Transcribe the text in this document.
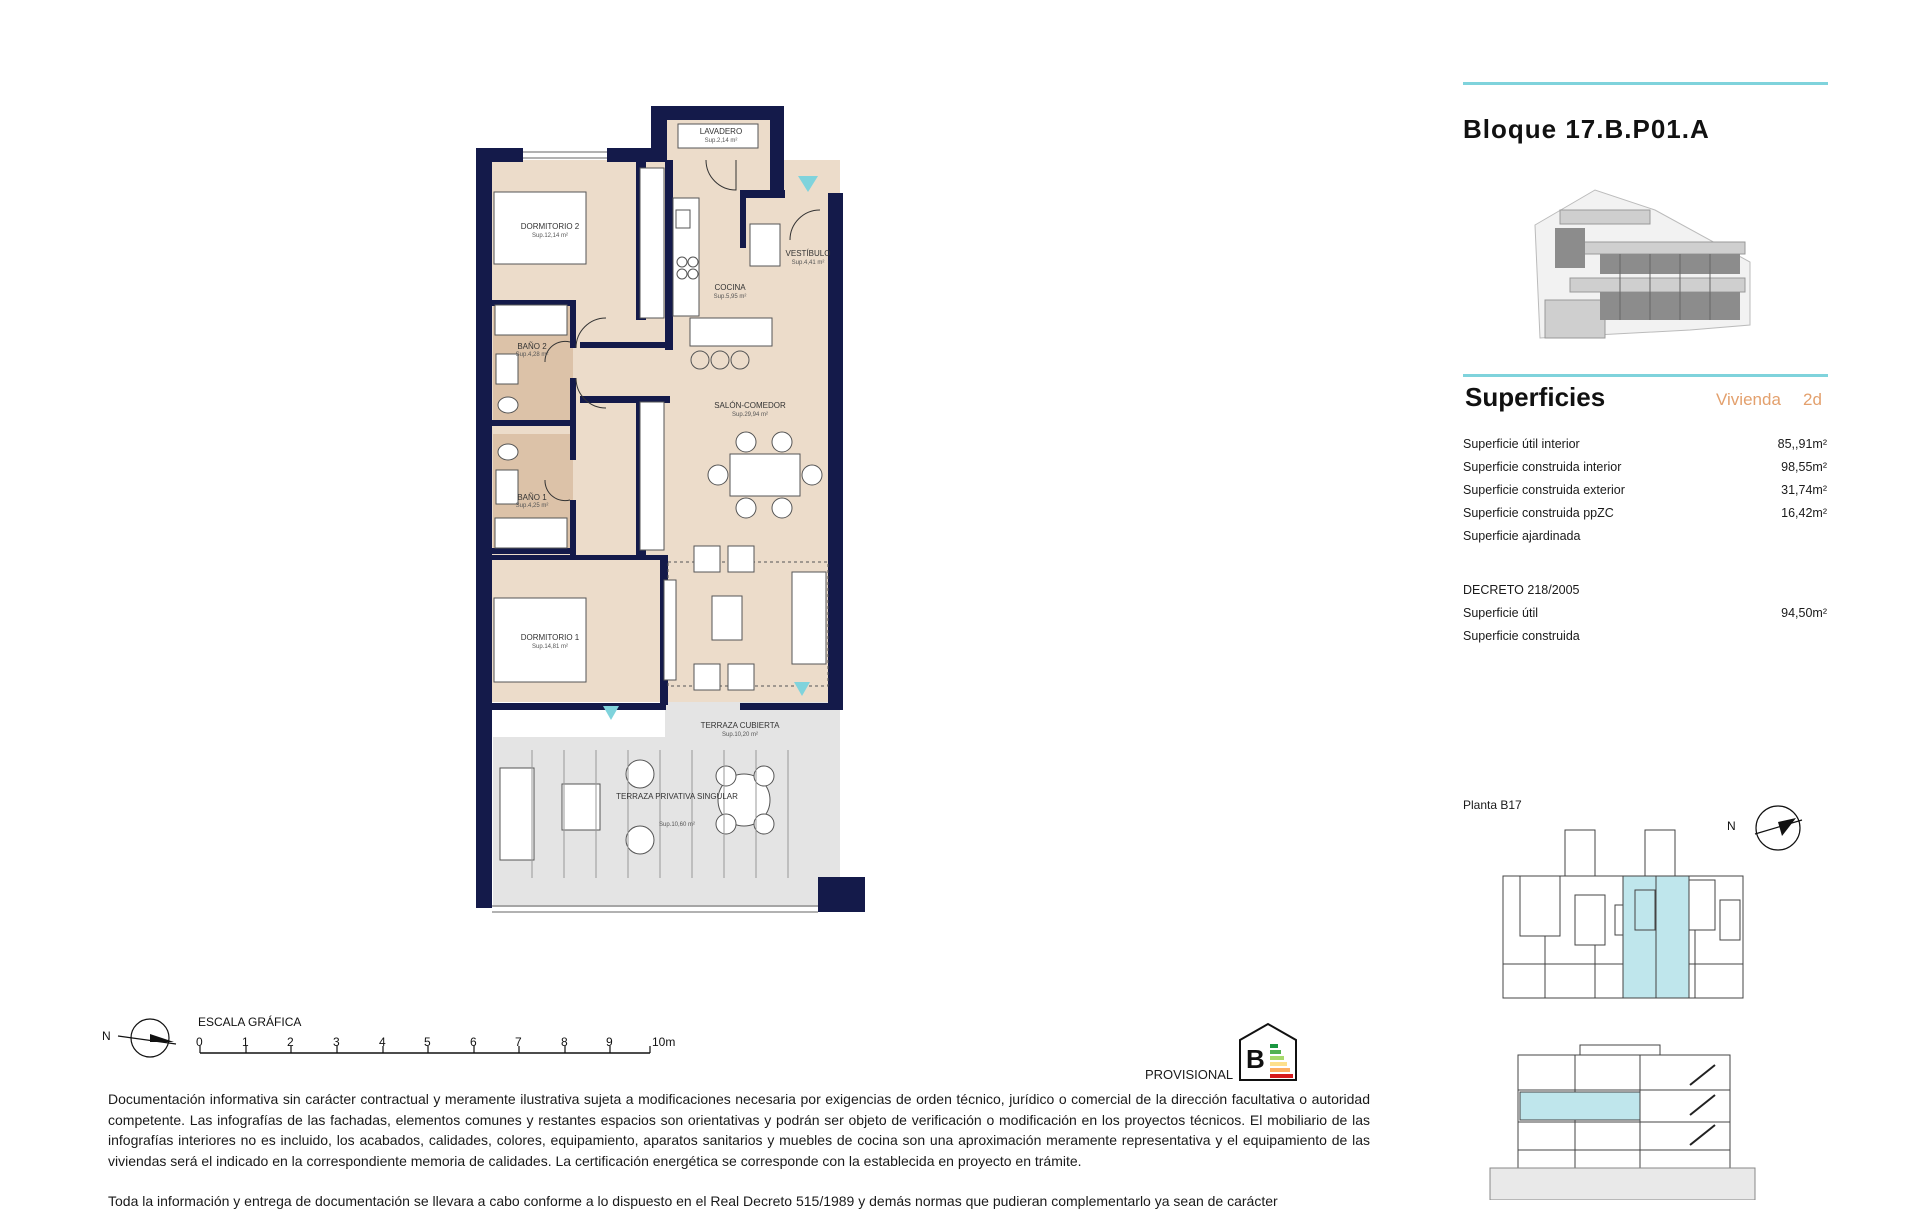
LAVADERO
Sup.2,14 m²
DORMITORIO 2
Sup.12,14 m²
VESTÍBULO
Sup.4,41 m²
COCINA
Sup.5,95 m²
BAÑO 2
Sup.4,28 m²
SALÓN-COMEDOR
Sup.29,94 m²
BAÑO 1
Sup.4,25 m²
DORMITORIO 1
Sup.14,81 m²
TERRAZA CUBIERTA
Sup.10,20 m²
TERRAZA PRIVATIVA SINGULAR
Sup.10,60 m²
N
ESCALA GRÁFICA
0	1	2	3	4	5	6	7	8	9	10m
B
N
Bloque 17.B.P01.A
Superficies	Vivienda 2d
Superficie útil interior	85,,91m²
Superficie construida interior	98,55m²
Superficie construida exterior	31,74m²
Superficie construida ppZC	16,42m²
Superficie ajardinada
DECRETO 218/2005
Superficie útil	94,50m²
Superficie construida
Planta B17
PROVISIONAL
Documentación informativa sin carácter contractual y meramente ilustrativa sujeta a modificaciones necesaria por exigencias de orden técnico, jurídico o comercial de la dirección facultativa o autoridad competente. Las infografías de las fachadas, elementos comunes y restantes espacios son orientativas y podrán ser objeto de verificación o modificación en los proyectos técnicos. El mobiliario de las infografías interiores no es incluido, los acabados, calidades, colores, equipamiento, aparatos sanitarios y muebles de cocina son una aproximación meramente representativa y el equipamiento de las viviendas será el indicado en la correspondiente memoria de calidades. La certificación energética se corresponde con la establecida en proyecto en trámite.
Toda la información y entrega de documentación se llevara a cabo conforme a lo dispuesto en el Real Decreto 515/1989 y demás normas que pudieran complementarlo ya sean de carácter
